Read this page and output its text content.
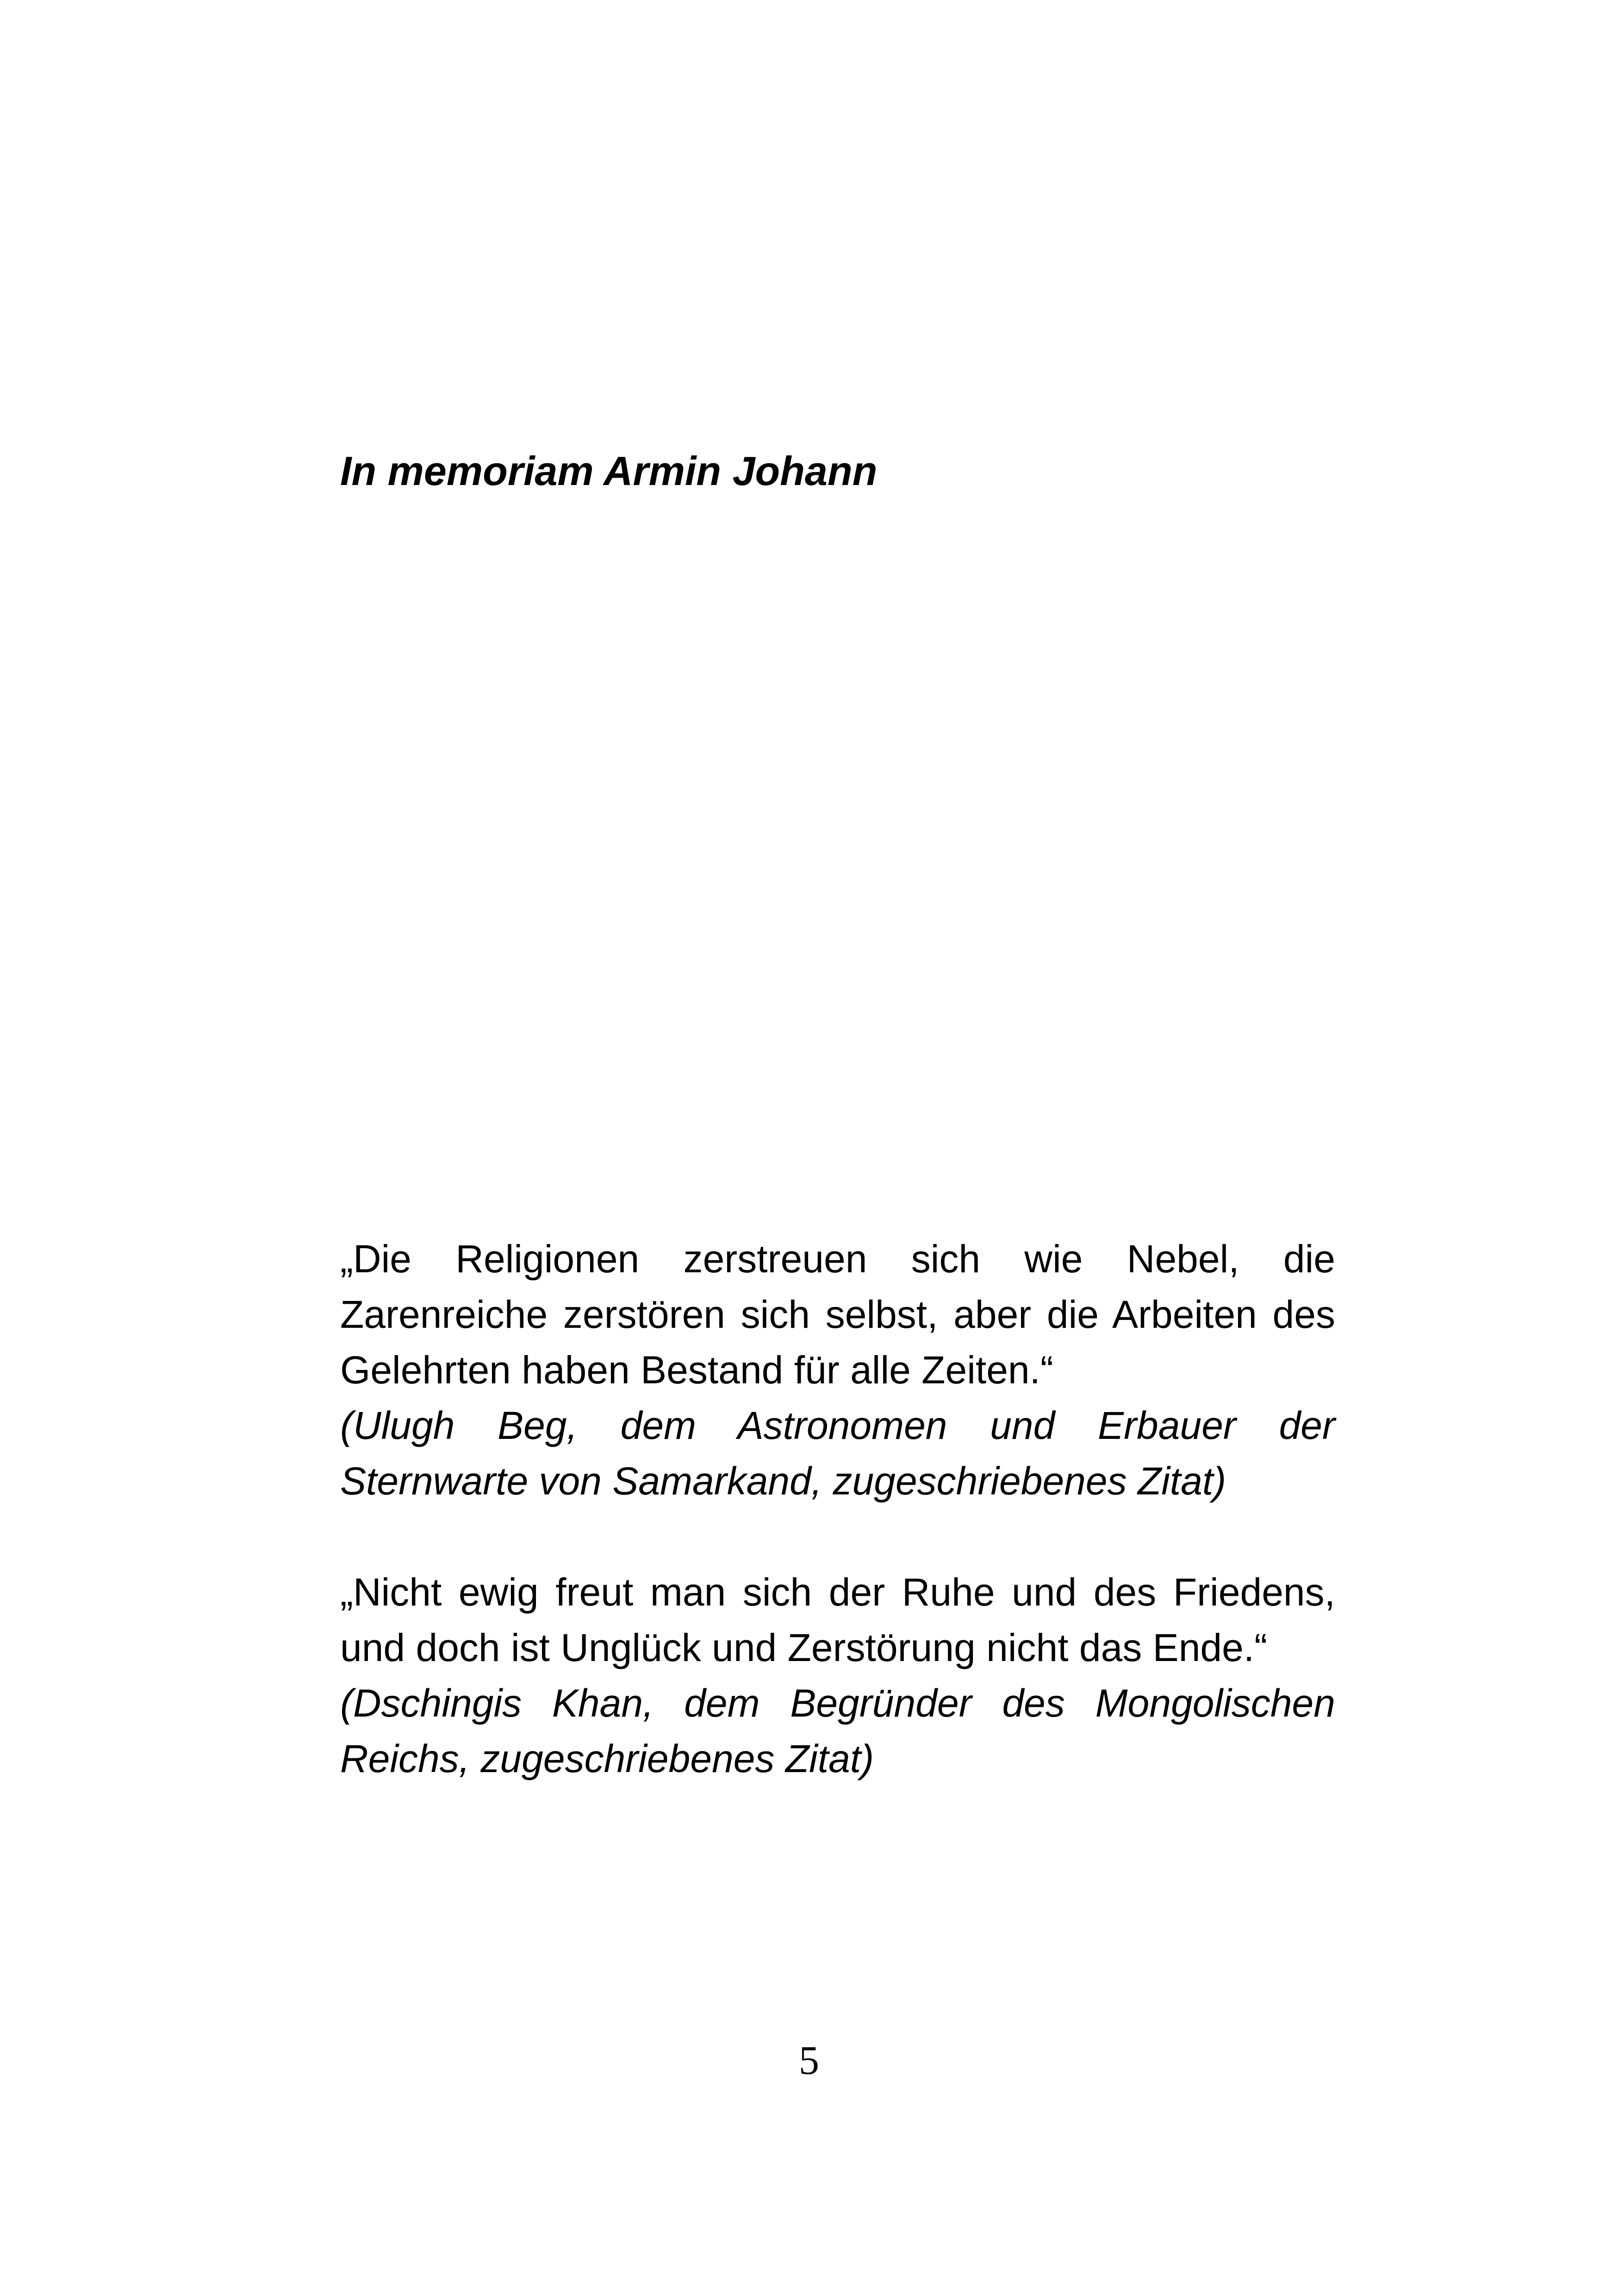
In memoriam Armin Johann

„Die Religionen zerstreuen sich wie Nebel, die Zarenreiche zerstören sich selbst, aber die Arbeiten des Gelehrten haben Bestand für alle Zeiten.“

(Ulugh Beg, dem Astronomen und Erbauer der Sternwarte von Samarkand, zugeschriebenes Zitat)

„Nicht ewig freut man sich der Ruhe und des Friedens, und doch ist Unglück und Zerstörung nicht das Ende.“

(Dschingis Khan, dem Begründer des Mongolischen Reichs, zugeschriebenes Zitat)

5
